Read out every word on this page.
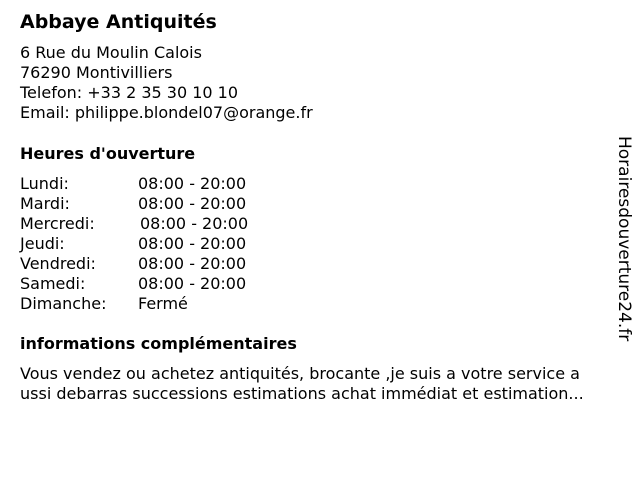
Abbaye Antiquités
6 Rue du Moulin Calois
76290 Montivilliers
Telefon: +33 2 35 30 10 10
Email: philippe.blondel07@orange.fr
Heures d'ouverture
Lundi:	08:00 - 20:00
Mardi:	08:00 - 20:00
Mercredi:	08:00 - 20:00
Jeudi:	08:00 - 20:00
Vendredi:	08:00 - 20:00
Samedi:	08:00 - 20:00
Dimanche: Fermé
informations complémentaires
Vous vendez ou achetez antiquités, brocante ,je suis a votre service a
ussi debarras successions estimations achat immédiat et estimation...
Horairesdouverture24.fr
